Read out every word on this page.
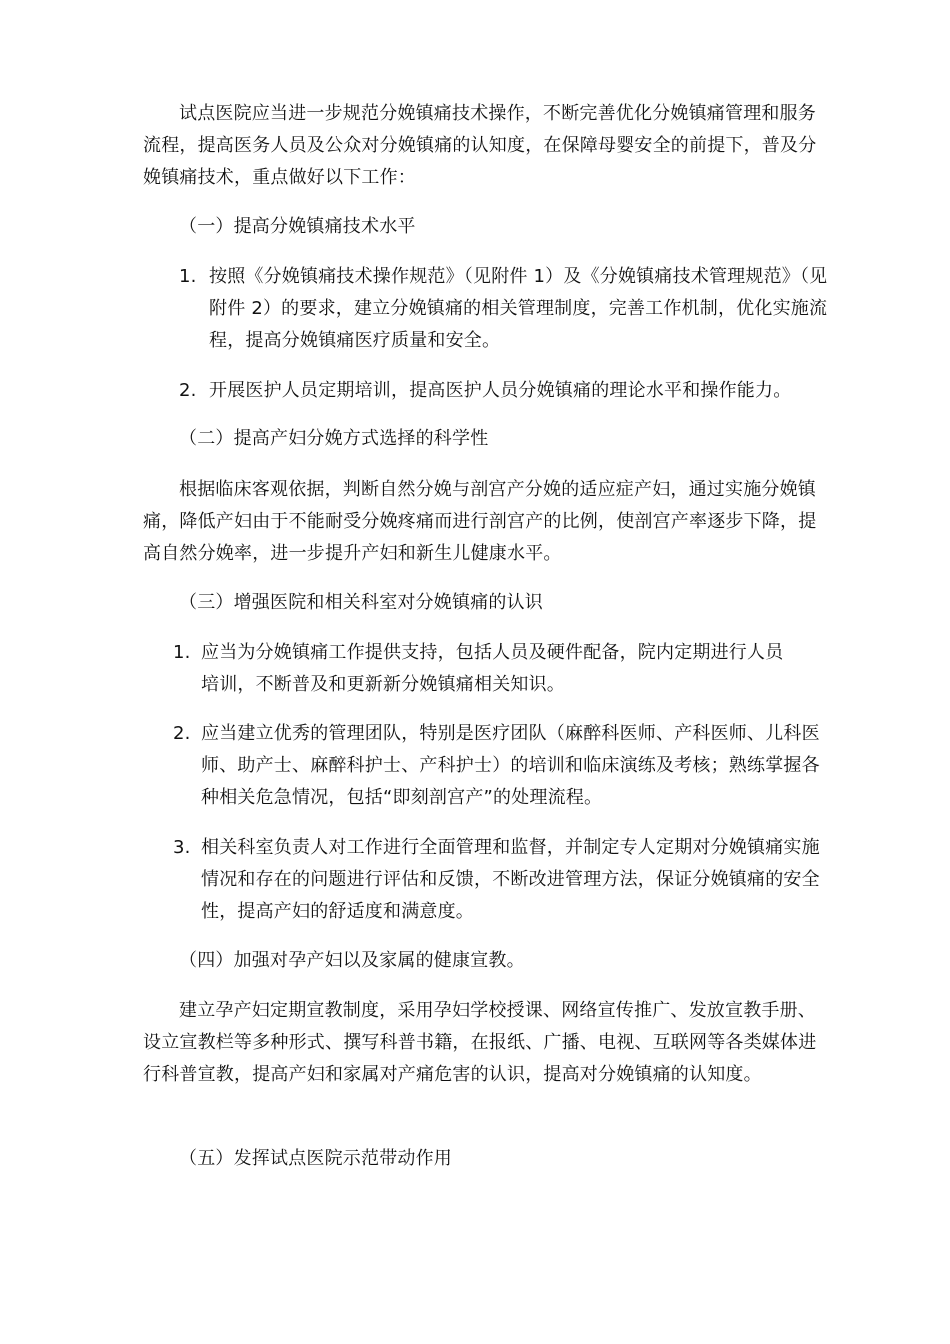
试点医院应当进一步规范分娩镇痛技术操作，不断完善优化分娩镇痛管理和服务流程，提高医务人员及公众对分娩镇痛的认知度，在保障母婴安全的前提下，普及分娩镇痛技术，重点做好以下工作：
（一）提高分娩镇痛技术水平
1. 按照《分娩镇痛技术操作规范》（见附件 1）及《分娩镇痛技术管理规范》（见附件 2）的要求，建立分娩镇痛的相关管理制度，完善工作机制，优化实施流程，提高分娩镇痛医疗质量和安全。
2. 开展医护人员定期培训，提高医护人员分娩镇痛的理论水平和操作能力。
（二）提高产妇分娩方式选择的科学性
根据临床客观依据，判断自然分娩与剖宫产分娩的适应症产妇，通过实施分娩镇痛，降低产妇由于不能耐受分娩疼痛而进行剖宫产的比例，使剖宫产率逐步下降，提高自然分娩率，进一步提升产妇和新生儿健康水平。
（三）增强医院和相关科室对分娩镇痛的认识
1. 应当为分娩镇痛工作提供支持，包括人员及硬件配备，院内定期进行人员培训，不断普及和更新新分娩镇痛相关知识。
2. 应当建立优秀的管理团队，特别是医疗团队（麻醉科医师、产科医师、儿科医师、助产士、麻醉科护士、产科护士）的培训和临床演练及考核；熟练掌握各种相关危急情况，包括“即刻剖宫产”的处理流程。
3. 相关科室负责人对工作进行全面管理和监督，并制定专人定期对分娩镇痛实施情况和存在的问题进行评估和反馈，不断改进管理方法，保证分娩镇痛的安全性，提高产妇的舒适度和满意度。
（四）加强对孕产妇以及家属的健康宣教。
建立孕产妇定期宣教制度，采用孕妇学校授课、网络宣传推广、发放宣教手册、设立宣教栏等多种形式、撰写科普书籍，在报纸、广播、电视、互联网等各类媒体进行科普宣教，提高产妇和家属对产痛危害的认识，提高对分娩镇痛的认知度。
（五）发挥试点医院示范带动作用
